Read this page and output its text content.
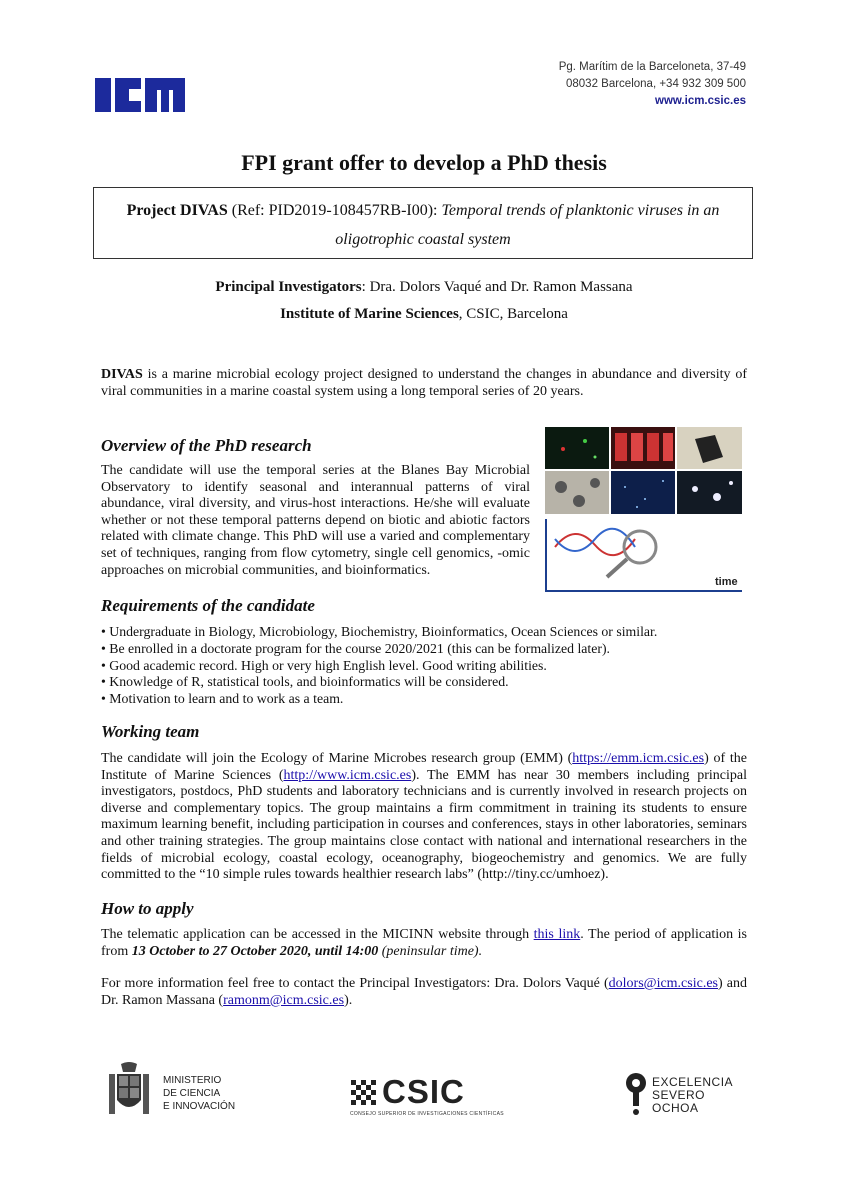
Pg. Marítim de la Barceloneta, 37-49
08032 Barcelona, +34 932 309 500
www.icm.csic.es
FPI grant offer to develop a PhD thesis
Project DIVAS (Ref: PID2019-108457RB-I00): Temporal trends of planktonic viruses in an oligotrophic coastal system
Principal Investigators: Dra. Dolors Vaqué and Dr. Ramon Massana
Institute of Marine Sciences, CSIC, Barcelona
DIVAS is a marine microbial ecology project designed to understand the changes in abundance and diversity of viral communities in a marine coastal system using a long temporal series of 20 years.
Overview of the PhD research
The candidate will use the temporal series at the Blanes Bay Microbial Observatory to identify seasonal and interannual patterns of viral abundance, viral diversity, and virus-host interactions. He/she will evaluate whether or not these temporal patterns depend on biotic and abiotic factors related with climate change. This PhD will use a varied and complementary set of techniques, ranging from flow cytometry, single cell genomics, -omic approaches on microbial communities, and bioinformatics.
time
Requirements of the candidate
• Undergraduate in Biology, Microbiology, Biochemistry, Bioinformatics, Ocean Sciences or similar.
• Be enrolled in a doctorate program for the course 2020/2021 (this can be formalized later).
• Good academic record. High or very high English level. Good writing abilities.
• Knowledge of R, statistical tools, and bioinformatics will be considered.
• Motivation to learn and to work as a team.
Working team
The candidate will join the Ecology of Marine Microbes research group (EMM) (https://emm.icm.csic.es) of the Institute of Marine Sciences (http://www.icm.csic.es). The EMM has near 30 members including principal investigators, postdocs, PhD students and laboratory technicians and is currently involved in research projects on diverse and complementary topics. The group maintains a firm commitment in training its students to ensure maximum learning benefit, including participation in courses and conferences, stays in other laboratories, seminars and other training strategies. The group maintains close contact with national and international researchers in the fields of microbial ecology, coastal ecology, oceanography, biogeochemistry and genomics. We are fully committed to the “10 simple rules towards healthier research labs” (http://tiny.cc/umhoez).
How to apply
The telematic application can be accessed in the MICINN website through this link. The period of application is from 13 October to 27 October 2020, until 14:00 (peninsular time).
For more information feel free to contact the Principal Investigators: Dra. Dolors Vaqué (dolors@icm.csic.es) and Dr. Ramon Massana (ramonm@icm.csic.es).
MINISTERIO
DE CIENCIA
E INNOVACIÓN	CSIC
CONSEJO SUPERIOR DE INVESTIGACIONES CIENTÍFICAS
EXCELENCIA
SEVERO
OCHOA
